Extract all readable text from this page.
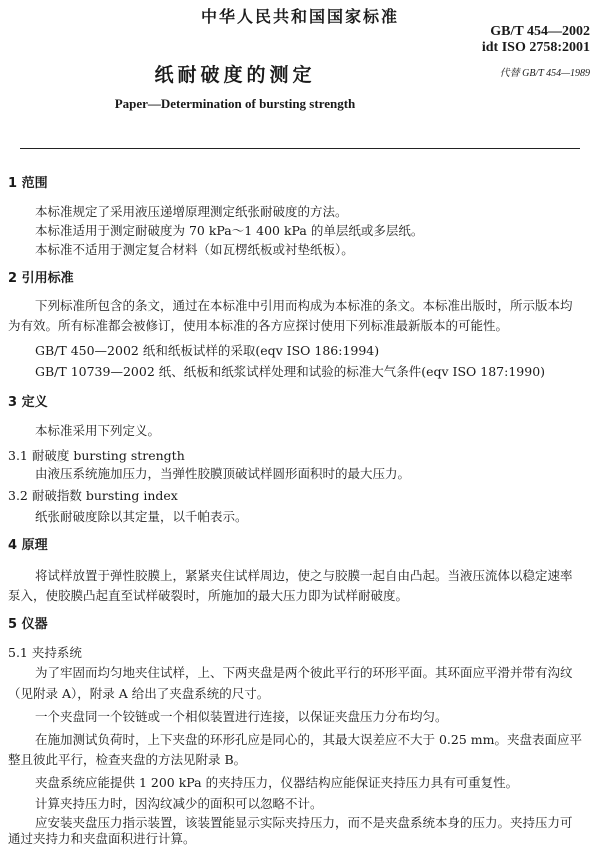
中华人民共和国国家标准
GB/T 454—2002
idt ISO 2758:2001
代替 GB/T 454—1989
纸耐破度的测定
Paper—Determination of bursting strength
1 范围
本标准规定了采用液压递增原理测定纸张耐破度的方法。
本标准适用于测定耐破度为 70 kPa～1 400 kPa 的单层纸或多层纸。
本标准不适用于测定复合材料（如瓦楞纸板或衬垫纸板）。
2 引用标准
下列标准所包含的条文，通过在本标准中引用而构成为本标准的条文。本标准出版时，所示版本均
为有效。所有标准都会被修订，使用本标准的各方应探讨使用下列标准最新版本的可能性。
GB/T 450—2002 纸和纸板试样的采取(eqv ISO 186:1994)
GB/T 10739—2002 纸、纸板和纸浆试样处理和试验的标准大气条件(eqv ISO 187:1990)
3 定义
本标准采用下列定义。
3.1 耐破度 bursting strength
由液压系统施加压力，当弹性胶膜顶破试样圆形面积时的最大压力。
3.2 耐破指数 bursting index
纸张耐破度除以其定量，以千帕表示。
4 原理
将试样放置于弹性胶膜上，紧紧夹住试样周边，使之与胶膜一起自由凸起。当液压流体以稳定速率
泵入，使胶膜凸起直至试样破裂时，所施加的最大压力即为试样耐破度。
5 仪器
5.1 夹持系统
为了牢固而均匀地夹住试样，上、下两夹盘是两个彼此平行的环形平面。其环面应平滑并带有沟纹
（见附录 A），附录 A 给出了夹盘系统的尺寸。
一个夹盘同一个铰链或一个相似装置进行连接，以保证夹盘压力分布均匀。
在施加测试负荷时，上下夹盘的环形孔应是同心的，其最大误差应不大于 0.25 mm。夹盘表面应平
整且彼此平行，检查夹盘的方法见附录 B。
夹盘系统应能提供 1 200 kPa 的夹持压力，仪器结构应能保证夹持压力具有可重复性。
计算夹持压力时，因沟纹减少的面积可以忽略不计。
应安装夹盘压力指示装置，该装置能显示实际夹持压力，而不是夹盘系统本身的压力。夹持压力可
通过夹持力和夹盘面积进行计算。
